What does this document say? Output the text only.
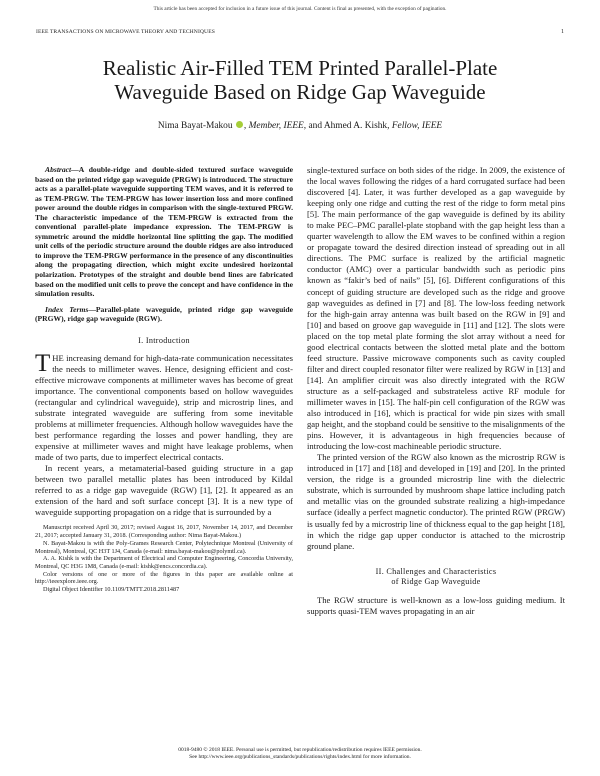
This article has been accepted for inclusion in a future issue of this journal. Content is final as presented, with the exception of pagination.
IEEE TRANSACTIONS ON MICROWAVE THEORY AND TECHNIQUES	1
Realistic Air-Filled TEM Printed Parallel-Plate
Waveguide Based on Ridge Gap Waveguide
Nima Bayat-Makou , Member, IEEE, and Ahmed A. Kishk, Fellow, IEEE

Abstract—A double-ridge and double-sided textured surface waveguide based on the printed ridge gap waveguide (PRGW) is introduced. The structure acts as a parallel-plate waveguide supporting TEM waves, and it is referred to as TEM-PRGW. The TEM-PRGW has lower insertion loss and more confined power around the double ridges in comparison with the single-textured PRGW. The characteristic impedance of the TEM-PRGW is extracted from the conventional parallel-plate impedance expression. The TEM-PRGW is symmetric around the middle horizontal line splitting the gap. The modified unit cells of the periodic structure around the double ridges are also introduced to improve the TEM-PRGW performance in the presence of any discontinuities along the propagating direction, which might excite undesired horizontal polarization. Prototypes of the straight and double bend lines are fabricated based on the modified unit cells to prove the concept and have confidence in the simulation results.

Index Terms—Parallel-plate waveguide, printed ridge gap waveguide (PRGW), ridge gap waveguide (RGW).

I. Introduction

THE increasing demand for high-data-rate communication necessitates the needs to millimeter waves. Hence, designing efficient and cost-effective microwave components at millimeter waves has become of great importance. The conventional components based on hollow waveguides (rectangular and cylindrical waveguide), strip and microstrip lines, and substrate integrated waveguide are suffering from some inevitable problems at millimeter frequencies. Although hollow waveguides have the best performance regarding the losses and power handling, they are expensive at millimeter waves and might have leakage problems, when made of two parts, due to imperfect electrical contacts.

In recent years, a metamaterial-based guiding structure in a gap between two parallel metallic plates has been introduced by Kildal referred to as a ridge gap waveguide (RGW) [1], [2]. It appeared as an extension of the hard and soft surface concept [3]. It is a new type of waveguide supporting propagation on a ridge that is surrounded by a

Manuscript received April 30, 2017; revised August 16, 2017, November 14, 2017, and December 21, 2017; accepted January 31, 2018. (Corresponding author: Nima Bayat-Makou.)

N. Bayat-Makou is with the Poly-Grames Research Center, Polytechnique Montreal (University of Montreal), Montreal, QC H3T 1J4, Canada (e-mail: nima.bayat-makou@polymtl.ca).

A. A. Kishk is with the Department of Electrical and Computer Engineering, Concordia University, Montreal, QC H3G 1M8, Canada (e-mail: kishk@encs.concordia.ca).

Color versions of one or more of the figures in this paper are available online at http://ieeexplore.ieee.org.

Digital Object Identifier 10.1109/TMTT.2018.2811487

single-textured surface on both sides of the ridge. In 2009, the existence of the local waves following the ridges of a hard corrugated surface had been discovered [4]. Later, it was further developed as a gap waveguide by keeping only one ridge and cutting the rest of the ridge to form metal pins [5]. The main performance of the gap waveguide is defined by its ability to make PEC–PMC parallel-plate stopband with the gap height less than a quarter wavelength to allow the EM waves to be confined within a region or propagate toward the desired direction instead of spreading out in all directions. The PMC surface is realized by the artificial magnetic conductor (AMC) over a particular bandwidth such as periodic pins known as “fakir’s bed of nails” [5], [6]. Different configurations of this concept of guiding structure are developed such as the ridge and groove gap waveguides as defined in [7] and [8]. The low-loss feeding network for the high-gain array antenna was built based on the RGW in [9] and [10] and based on groove gap waveguide in [11] and [12]. The slots were placed on the top metal plate forming the slot array without a need for good electrical contacts between the slotted metal plate and the bottom feed structure. Passive microwave components such as cavity coupled filter and direct coupled resonator filter were realized by RGW in [13] and [14]. An amplifier circuit was also directly integrated with the RGW structure as a self-packaged and substrateless active RF module for millimeter waves in [15]. The half-pin cell configuration of the RGW was also introduced in [16], which is practical for wide pin sizes with small gap height, and the stopband could be sensitive to the misalignments of the pins. However, it is advantageous in high frequencies because of introducing the low-cost machineable periodic structure.

The printed version of the RGW also known as the microstrip RGW is introduced in [17] and [18] and developed in [19] and [20]. In the printed version, the ridge is a grounded microstrip line with the dielectric substrate, which is surrounded by mushroom shape lattice including patch and metallic vias on the grounded substrate realizing a high-impedance surface (ideally a perfect magnetic conductor). The printed RGW (PRGW) is usually fed by a microstrip line of thickness equal to the gap height [18], in which the ridge gap upper conductor is attached to the microstrip ground plane.

II. Challenges and Characteristics
of Ridge Gap Waveguide

The RGW structure is well-known as a low-loss guiding medium. It supports quasi-TEM waves propagating in an air

0018-9480 © 2018 IEEE. Personal use is permitted, but republication/redistribution requires IEEE permission.
See http://www.ieee.org/publications_standards/publications/rights/index.html for more information.
